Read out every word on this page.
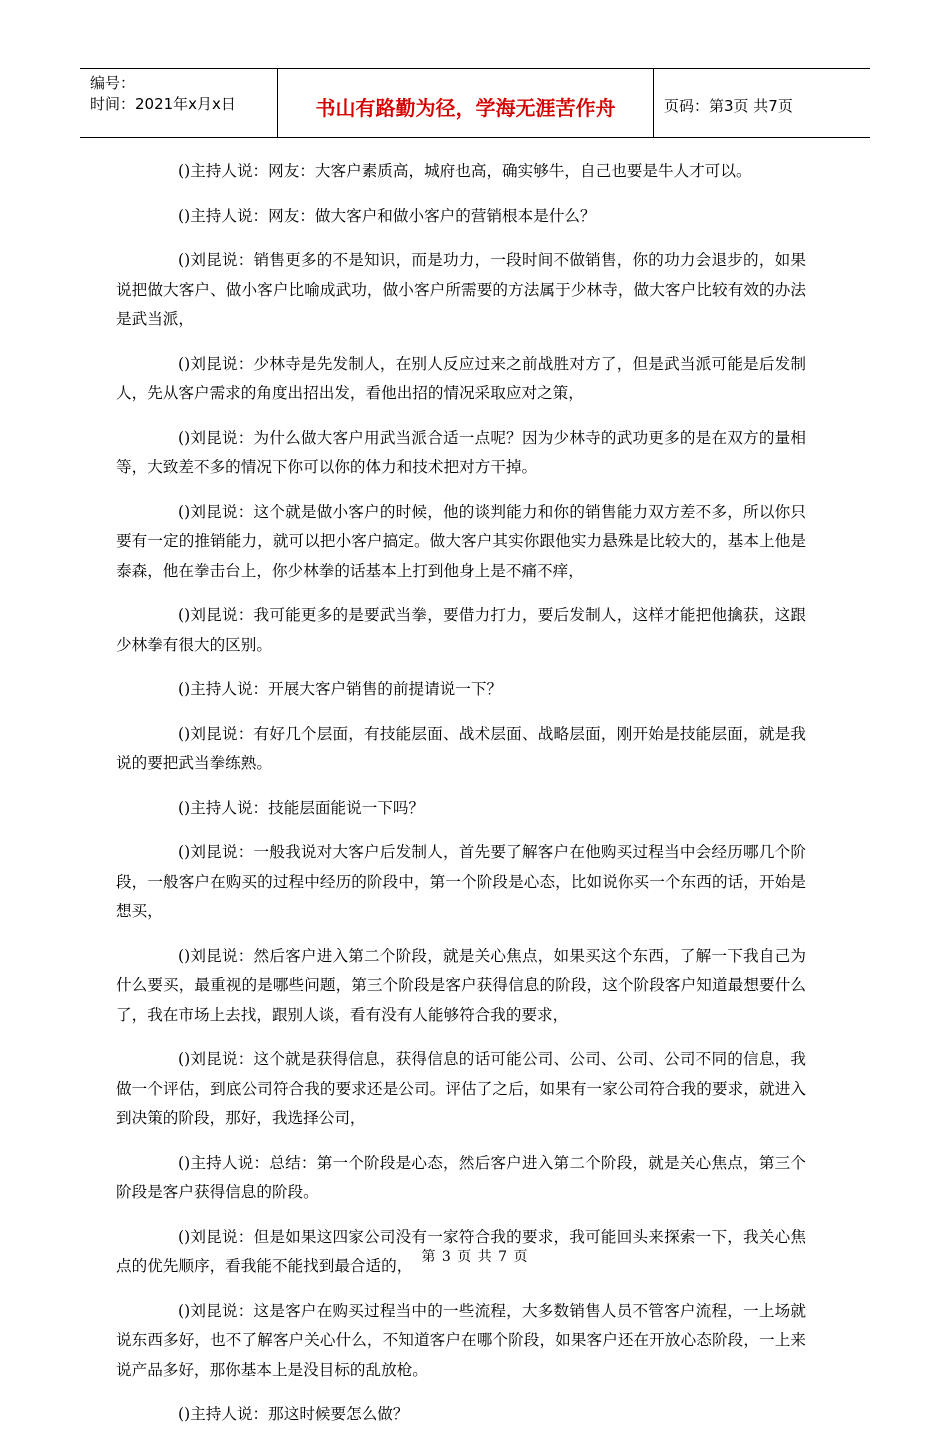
编号：
时间：2021年x月x日	书山有路勤为径，学海无涯苦作舟	页码：第3页 共7页

()主持人说：网友：大客户素质高，城府也高，确实够牛，自己也要是牛人才可以。

()主持人说：网友：做大客户和做小客户的营销根本是什么？

()刘昆说：销售更多的不是知识，而是功力，一段时间不做销售，你的功力会退步的，如果说把做大客户、做小客户比喻成武功，做小客户所需要的方法属于少林寺，做大客户比较有效的办法是武当派，

()刘昆说：少林寺是先发制人，在别人反应过来之前战胜对方了，但是武当派可能是后发制人，先从客户需求的角度出招出发，看他出招的情况采取应对之策，

()刘昆说：为什么做大客户用武当派合适一点呢？因为少林寺的武功更多的是在双方的量相等，大致差不多的情况下你可以你的体力和技术把对方干掉。

()刘昆说：这个就是做小客户的时候，他的谈判能力和你的销售能力双方差不多，所以你只要有一定的推销能力，就可以把小客户搞定。做大客户其实你跟他实力悬殊是比较大的，基本上他是泰森，他在拳击台上，你少林拳的话基本上打到他身上是不痛不痒，

()刘昆说：我可能更多的是要武当拳，要借力打力，要后发制人，这样才能把他擒获，这跟少林拳有很大的区别。

()主持人说：开展大客户销售的前提请说一下？

()刘昆说：有好几个层面，有技能层面、战术层面、战略层面，刚开始是技能层面，就是我说的要把武当拳练熟。

()主持人说：技能层面能说一下吗？

()刘昆说：一般我说对大客户后发制人，首先要了解客户在他购买过程当中会经历哪几个阶段，一般客户在购买的过程中经历的阶段中，第一个阶段是心态，比如说你买一个东西的话，开始是想买，

()刘昆说：然后客户进入第二个阶段，就是关心焦点，如果买这个东西，了解一下我自己为什么要买，最重视的是哪些问题，第三个阶段是客户获得信息的阶段，这个阶段客户知道最想要什么了，我在市场上去找，跟别人谈，看有没有人能够符合我的要求，

()刘昆说：这个就是获得信息，获得信息的话可能公司、公司、公司、公司不同的信息，我做一个评估，到底公司符合我的要求还是公司。评估了之后，如果有一家公司符合我的要求，就进入到决策的阶段，那好，我选择公司，

()主持人说：总结：第一个阶段是心态，然后客户进入第二个阶段，就是关心焦点，第三个阶段是客户获得信息的阶段。

()刘昆说：但是如果这四家公司没有一家符合我的要求，我可能回头来探索一下，我关心焦点的优先顺序，看我能不能找到最合适的，

()刘昆说：这是客户在购买过程当中的一些流程，大多数销售人员不管客户流程，一上场就说东西多好，也不了解客户关心什么，不知道客户在哪个阶段，如果客户还在开放心态阶段，一上来说产品多好，那你基本上是没目标的乱放枪。

()主持人说：那这时候要怎么做？

第 3 页 共 7 页
